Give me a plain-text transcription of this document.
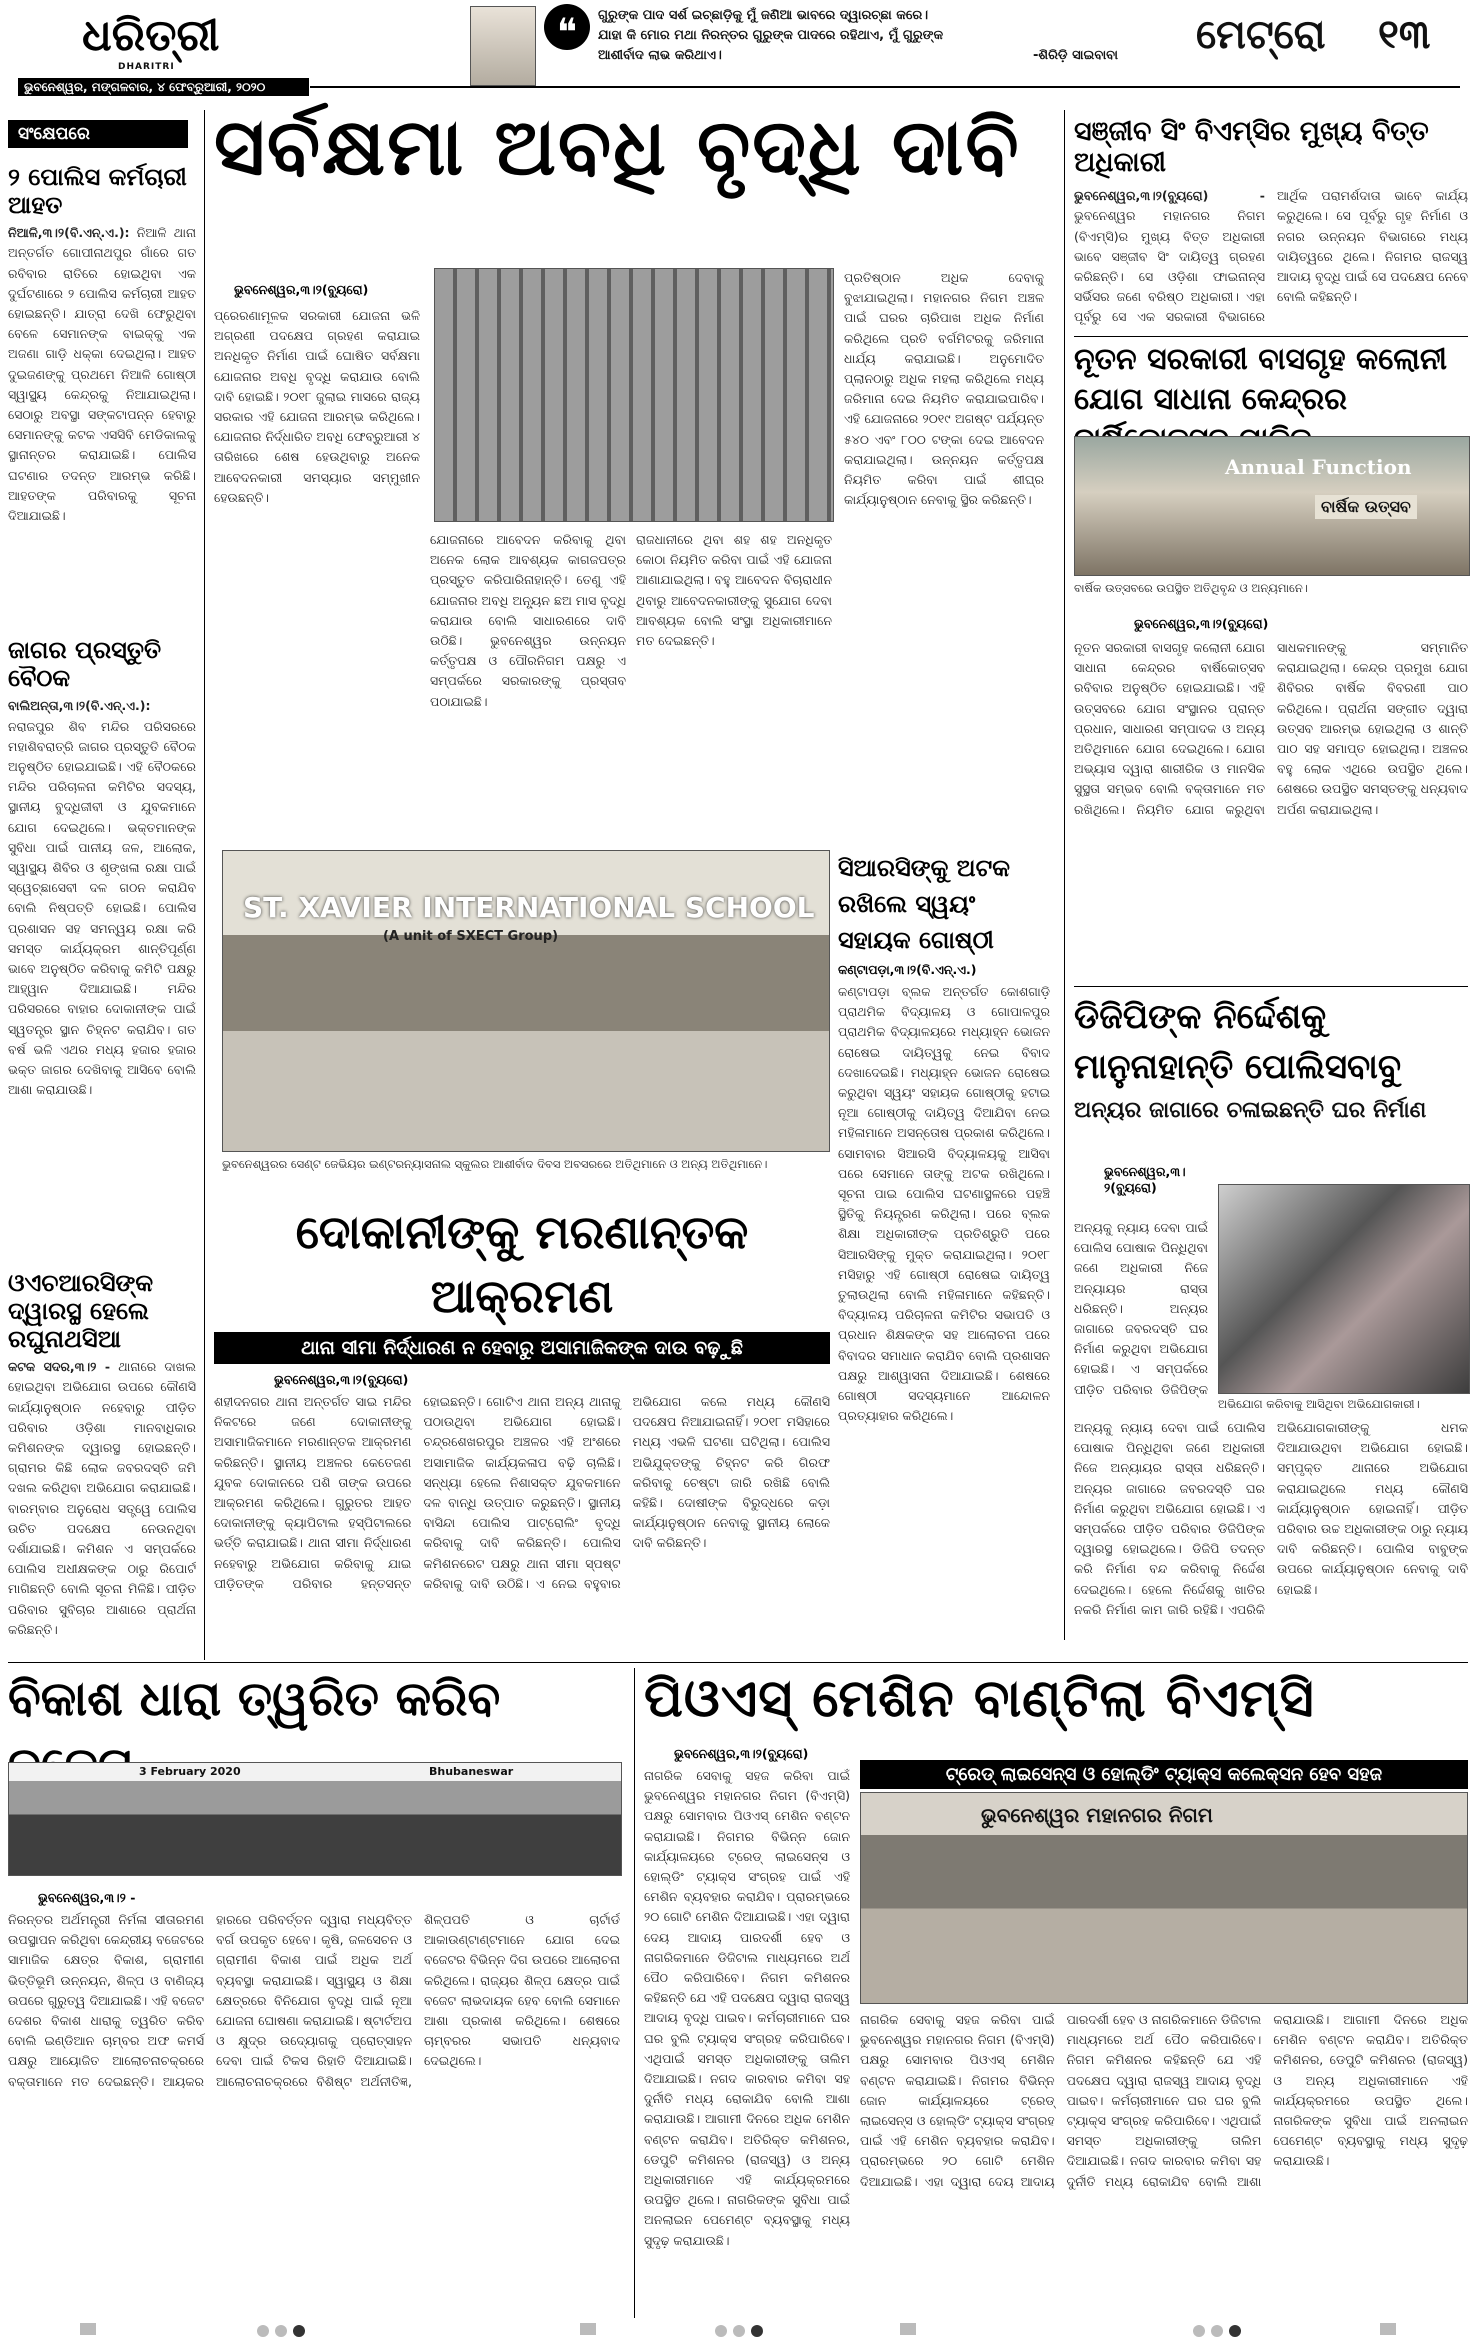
ଧରିତ୍ରୀ
DHARITRI
❝	ଗୁରୁଙ୍କ ପାଦ ସର୍ଶ ଇଚ୍ଛାଡ଼ିକୁ ମୁଁ ଜଣିଆ ଭାବରେ ଦ୍ୱାରଚ୍ଛା କରେ।
ଯାହା କି ମୋର ମଥା ନିରନ୍ତର ଗୁରୁଙ୍କ ପାଦରେ ରହିଥାଏ, ମୁଁ ଗୁରୁଙ୍କ
ଆଶୀର୍ବାଦ ଲାଭ କରିଥାଏ।	-ଶିରିଡ଼ି ସାଇବାବା ମେଟ୍ରୋ ୧୩
ଭୁବନେଶ୍ୱର, ମଙ୍ଗଳବାର, ୪ ଫେବ୍ରୁଆରୀ, ୨୦୨୦
ସଂକ୍ଷେପରେ

୨ ପୋଲିସ କର୍ମଚାରୀ ଆହତ

ନିଆଳି,୩।୨(ବି.ଏନ୍.ଏ.): ନିଆଳି ଥାନା ଅନ୍ତର୍ଗତ ଗୋପୀନାଥପୁର ଗାଁରେ ଗତ ରବିବାର ରାତିରେ ହୋଇଥିବା ଏକ ଦୁର୍ଘଟଣାରେ ୨ ପୋଲିସ କର୍ମଚାରୀ ଆହତ ହୋଇଛନ୍ତି। ଯାତ୍ରା ଦେଖି ଫେରୁଥିବା ବେଳେ ସେମାନଙ୍କ ବାଇକ୍‌କୁ ଏକ ଅଜଣା ଗାଡ଼ି ଧକ୍କା ଦେଇଥିଲା। ଆହତ ଦୁଇଜଣଙ୍କୁ ପ୍ରଥମେ ନିଆଳି ଗୋଷ୍ଠୀ ସ୍ୱାସ୍ଥ୍ୟ କେନ୍ଦ୍ରକୁ ନିଆଯାଇଥିଲା। ସେଠାରୁ ଅବସ୍ଥା ସଙ୍କଟାପନ୍ନ ହେବାରୁ ସେମାନଙ୍କୁ କଟକ ଏସସିବି ମେଡିକାଲକୁ ସ୍ଥାନାନ୍ତର କରାଯାଇଛି। ପୋଲିସ ଘଟଣାର ତଦନ୍ତ ଆରମ୍ଭ କରିଛି। ଆହତଙ୍କ ପରିବାରକୁ ସୂଚନା ଦିଆଯାଇଛି।

ଜାଗର ପ୍ରସ୍ତୁତି ବୈଠକ

ବାଲିଅନ୍ତା,୩।୨(ବି.ଏନ୍.ଏ.): ନରାଜପୁର ଶିବ ମନ୍ଦିର ପରିସରରେ ମହାଶିବରାତ୍ରି ଜାଗର ପ୍ରସ୍ତୁତି ବୈଠକ ଅନୁଷ୍ଠିତ ହୋଇଯାଇଛି। ଏହି ବୈଠକରେ ମନ୍ଦିର ପରିଚାଳନା କମିଟିର ସଦସ୍ୟ, ସ୍ଥାନୀୟ ବୁଦ୍ଧିଜୀବୀ ଓ ଯୁବକମାନେ ଯୋଗ ଦେଇଥିଲେ। ଭକ୍ତମାନଙ୍କ ସୁବିଧା ପାଇଁ ପାନୀୟ ଜଳ, ଆଲୋକ, ସ୍ୱାସ୍ଥ୍ୟ ଶିବିର ଓ ଶୃଙ୍ଖଳା ରକ୍ଷା ପାଇଁ ସ୍ୱେଚ୍ଛାସେବୀ ଦଳ ଗଠନ କରାଯିବ ବୋଲି ନିଷ୍ପତ୍ତି ହୋଇଛି। ପୋଲିସ ପ୍ରଶାସନ ସହ ସମନ୍ୱୟ ରକ୍ଷା କରି ସମସ୍ତ କାର୍ଯ୍ୟକ୍ରମ ଶାନ୍ତିପୂର୍ଣ୍ଣ ଭାବେ ଅନୁଷ୍ଠିତ କରିବାକୁ କମିଟି ପକ୍ଷରୁ ଆହ୍ୱାନ ଦିଆଯାଇଛି। ମନ୍ଦିର ପରିସରରେ ବାହାର ଦୋକାନୀଙ୍କ ପାଇଁ ସ୍ୱତନ୍ତ୍ର ସ୍ଥାନ ଚିହ୍ନଟ କରାଯିବ। ଗତ ବର୍ଷ ଭଳି ଏଥର ମଧ୍ୟ ହଜାର ହଜାର ଭକ୍ତ ଜାଗର ଦେଖିବାକୁ ଆସିବେ ବୋଲି ଆଶା କରାଯାଉଛି।

ଓଏଚଆରସିଙ୍କ ଦ୍ୱାରସ୍ଥ ହେଲେ ରଘୁନାଥସିଆ

କଟକ ସଦର,୩।୨ - ଥାନାରେ ଦାଖଲ ହୋଇଥିବା ଅଭିଯୋଗ ଉପରେ କୌଣସି କାର୍ଯ୍ୟାନୁଷ୍ଠାନ ନହେବାରୁ ପୀଡ଼ିତ ପରିବାର ଓଡ଼ିଶା ମାନବାଧିକାର କମିଶନଙ୍କ ଦ୍ୱାରସ୍ଥ ହୋଇଛନ୍ତି। ଗ୍ରାମର କିଛି ଲୋକ ଜବରଦସ୍ତି ଜମି ଦଖଲ କରିଥିବା ଅଭିଯୋଗ କରାଯାଇଛି। ବାରମ୍ବାର ଅନୁରୋଧ ସତ୍ତ୍ୱେ ପୋଲିସ ଉଚିତ ପଦକ୍ଷେପ ନେଉନଥିବା ଦର୍ଶାଯାଇଛି। କମିଶନ ଏ ସମ୍ପର୍କରେ ପୋଲିସ ଅଧୀକ୍ଷକଙ୍କ ଠାରୁ ରିପୋର୍ଟ ମାଗିଛନ୍ତି ବୋଲି ସୂଚନା ମିଳିଛି। ପୀଡ଼ିତ ପରିବାର ସୁବିଚାର ଆଶାରେ ପ୍ରାର୍ଥନା କରିଛନ୍ତି।
ସର୍ବକ୍ଷମା ଅବଧି ବୃଦ୍ଧି ଦାବି
ଭୁବନେଶ୍ୱର,୩।୨(ବ୍ୟୁରୋ)
ପ୍ରେରଣାମୂଳକ ସରକାରୀ ଯୋଜନା ଭଳି ଅଗ୍ରଣୀ ପଦକ୍ଷେପ ଗ୍ରହଣ କରାଯାଇ ଅନଧିକୃତ ନିର୍ମାଣ ପାଇଁ ଘୋଷିତ ସର୍ବକ୍ଷମା ଯୋଜନାର ଅବଧି ବୃଦ୍ଧି କରାଯାଉ ବୋଲି ଦାବି ହୋଇଛି। ୨୦୧୮ ଜୁଲାଇ ମାସରେ ରାଜ୍ୟ ସରକାର ଏହି ଯୋଜନା ଆରମ୍ଭ କରିଥିଲେ। ଯୋଜନାର ନିର୍ଦ୍ଧାରିତ ଅବଧି ଫେବ୍ରୁଆରୀ ୪ ତାରିଖରେ ଶେଷ ହେଉଥିବାରୁ ଅନେକ ଆବେଦନକାରୀ ସମସ୍ୟାର ସମ୍ମୁଖୀନ ହେଉଛନ୍ତି।
ଯୋଜନାରେ ଆବେଦନ କରିବାକୁ ଥିବା ଅନେକ ଲୋକ ଆବଶ୍ୟକ କାଗଜପତ୍ର ପ୍ରସ୍ତୁତ କରିପାରିନାହାନ୍ତି। ତେଣୁ ଏହି ଯୋଜନାର ଅବଧି ଅନ୍ୟୂନ ଛଅ ମାସ ବୃଦ୍ଧି କରାଯାଉ ବୋଲି ସାଧାରଣରେ ଦାବି ଉଠିଛି। ଭୁବନେଶ୍ୱର ଉନ୍ନୟନ କର୍ତ୍ତୃପକ୍ଷ ଓ ପୌରନିଗମ ପକ୍ଷରୁ ଏ ସମ୍ପର୍କରେ ସରକାରଙ୍କୁ ପ୍ରସ୍ତାବ ପଠାଯାଇଛି।
ରାଜଧାନୀରେ ଥିବା ଶହ ଶହ ଅନଧିକୃତ କୋଠା ନିୟମିତ କରିବା ପାଇଁ ଏହି ଯୋଜନା ଆଣାଯାଇଥିଲା। ବହୁ ଆବେଦନ ବିଚାରାଧୀନ ଥିବାରୁ ଆବେଦନକାରୀଙ୍କୁ ସୁଯୋଗ ଦେବା ଆବଶ୍ୟକ ବୋଲି ସଂସ୍ଥା ଅଧିକାରୀମାନେ ମତ ଦେଇଛନ୍ତି।
ପ୍ରତିଷ୍ଠାନ ଅଧିକ ଦେବାକୁ ବୁଝାଯାଇଥିଲା। ମହାନଗର ନିଗମ ଅଞ୍ଚଳ ପାଇଁ ଘରର ଚାରିପାଖ ଅଧିକ ନିର୍ମାଣ କରିଥିଲେ ପ୍ରତି ବର୍ଗମିଟରକୁ ଜରିମାନା ଧାର୍ଯ୍ୟ କରାଯାଇଛି। ଅନୁମୋଦିତ ପ୍ଲାନଠାରୁ ଅଧିକ ମହଲା କରିଥିଲେ ମଧ୍ୟ ଜରିମାନା ଦେଇ ନିୟମିତ କରାଯାଇପାରିବ। ଏହି ଯୋଜନାରେ ୨୦୧୯ ଅଗଷ୍ଟ ପର୍ଯ୍ୟନ୍ତ ୫୪୦ ଏବଂ ୮୦୦ ଟଙ୍କା ଦେଇ ଆବେଦନ କରାଯାଇଥିଲା। ଉନ୍ନୟନ କର୍ତ୍ତୃପକ୍ଷ ନିୟମିତ କରିବା ପାଇଁ ଶୀଘ୍ର କାର୍ଯ୍ୟାନୁଷ୍ଠାନ ନେବାକୁ ସ୍ଥିର କରିଛନ୍ତି।
ସଞ୍ଜୀବ ସିଂ ବିଏମ୍‌ସିର ମୁଖ୍ୟ ବିତ୍ତ ଅଧିକାରୀ
ଭୁବନେଶ୍ୱର,୩।୨(ବ୍ୟୁରୋ) - ଭୁବନେଶ୍ୱର ମହାନଗର ନିଗମ (ବିଏମ୍‌ସି)ର ମୁଖ୍ୟ ବିତ୍ତ ଅଧିକାରୀ ଭାବେ ସଞ୍ଜୀବ ସିଂ ଦାୟିତ୍ୱ ଗ୍ରହଣ କରିଛନ୍ତି। ସେ ଓଡ଼ିଶା ଫାଇନାନ୍ସ ସର୍ଭିସର ଜଣେ ବରିଷ୍ଠ ଅଧିକାରୀ। ଏହା ପୂର୍ବରୁ ସେ ଏକ ସରକାରୀ ବିଭାଗରେ ଆର୍ଥିକ ପରାମର୍ଶଦାତା ଭାବେ କାର୍ଯ୍ୟ କରୁଥିଲେ। ସେ ପୂର୍ବରୁ ଗୃହ ନିର୍ମାଣ ଓ ନଗର ଉନ୍ନୟନ ବିଭାଗରେ ମଧ୍ୟ ଦାୟିତ୍ୱରେ ଥିଲେ। ନିଗମର ରାଜସ୍ୱ ଆଦାୟ ବୃଦ୍ଧି ପାଇଁ ସେ ପଦକ୍ଷେପ ନେବେ ବୋଲି କହିଛନ୍ତି।
ନୂତନ ସରକାରୀ ବାସଗୃହ କଲୋନୀ ଯୋଗ ସାଧାନା କେନ୍ଦ୍ରର
Annual Function
ବାର୍ଷିକ ଉତ୍ସବ
ବାର୍ଷିକ ଉତ୍ସବରେ ଉପସ୍ଥିତ ଅତିଥିବୃନ୍ଦ ଓ ଅନ୍ୟମାନେ।
ଭୁବନେଶ୍ୱର,୩।୨(ବ୍ୟୁରୋ)
ନୂତନ ସରକାରୀ ବାସଗୃହ କଲୋନୀ ଯୋଗ ସାଧାନା କେନ୍ଦ୍ରର ବାର୍ଷିକୋତ୍ସବ ରବିବାର ଅନୁଷ୍ଠିତ ହୋଇଯାଇଛି। ଏହି ଉତ୍ସବରେ ଯୋଗ ସଂସ୍ଥାନର ପ୍ରାନ୍ତ ପ୍ରଧାନ, ସାଧାରଣ ସମ୍ପାଦକ ଓ ଅନ୍ୟ ଅତିଥିମାନେ ଯୋଗ ଦେଇଥିଲେ। ଯୋଗ ଅଭ୍ୟାସ ଦ୍ୱାରା ଶାରୀରିକ ଓ ମାନସିକ ସୁସ୍ଥତା ସମ୍ଭବ ବୋଲି ବକ୍ତାମାନେ ମତ ରଖିଥିଲେ। ନିୟମିତ ଯୋଗ କରୁଥିବା ସାଧକମାନଙ୍କୁ ସମ୍ମାନିତ କରାଯାଇଥିଲା। କେନ୍ଦ୍ର ପ୍ରମୁଖ ଯୋଗ ଶିବିରର ବାର୍ଷିକ ବିବରଣୀ ପାଠ କରିଥିଲେ। ପ୍ରାର୍ଥନା ସଙ୍ଗୀତ ଦ୍ୱାରା ଉତ୍ସବ ଆରମ୍ଭ ହୋଇଥିଲା ଓ ଶାନ୍ତି ପାଠ ସହ ସମାପ୍ତ ହୋଇଥିଲା। ଅଞ୍ଚଳର ବହୁ ଲୋକ ଏଥିରେ ଉପସ୍ଥିତ ଥିଲେ। ଶେଷରେ ଉପସ୍ଥିତ ସମସ୍ତଙ୍କୁ ଧନ୍ୟବାଦ ଅର୍ପଣ କରାଯାଇଥିଲା।
ଡିଜିପିଙ୍କ ନିର୍ଦ୍ଦେଶକୁ ମାନୁନାହାନ୍ତି ପୋଲିସବାବୁ
ଅନ୍ୟର ଜାଗାରେ ଚଳାଇଛନ୍ତି ଘର ନିର୍ମାଣ
ଭୁବନେଶ୍ୱର,୩।୨(ବ୍ୟୁରୋ)
ଅଭିଯୋଗ କରିବାକୁ ଆସିଥିବା ଅଭିଯୋଗକାରୀ।
ଅନ୍ୟକୁ ନ୍ୟାୟ ଦେବା ପାଇଁ ପୋଲିସ ପୋଷାକ ପିନ୍ଧିଥିବା ଜଣେ ଅଧିକାରୀ ନିଜେ ଅନ୍ୟାୟର ରାସ୍ତା ଧରିଛନ୍ତି। ଅନ୍ୟର ଜାଗାରେ ଜବରଦସ୍ତି ଘର ନିର୍ମାଣ କରୁଥିବା ଅଭିଯୋଗ ହୋଇଛି। ଏ ସମ୍ପର୍କରେ ପୀଡ଼ିତ ପରିବାର ଡିଜିପିଙ୍କ
ଅନ୍ୟକୁ ନ୍ୟାୟ ଦେବା ପାଇଁ ପୋଲିସ ପୋଷାକ ପିନ୍ଧିଥିବା ଜଣେ ଅଧିକାରୀ ନିଜେ ଅନ୍ୟାୟର ରାସ୍ତା ଧରିଛନ୍ତି। ଅନ୍ୟର ଜାଗାରେ ଜବରଦସ୍ତି ଘର ନିର୍ମାଣ କରୁଥିବା ଅଭିଯୋଗ ହୋଇଛି। ଏ ସମ୍ପର୍କରେ ପୀଡ଼ିତ ପରିବାର ଡିଜିପିଙ୍କ ଦ୍ୱାରସ୍ଥ ହୋଇଥିଲେ। ଡିଜିପି ତଦନ୍ତ କରି ନିର୍ମାଣ ବନ୍ଦ କରିବାକୁ ନିର୍ଦ୍ଦେଶ ଦେଇଥିଲେ। ହେଲେ ନିର୍ଦ୍ଦେଶକୁ ଖାତିର ନକରି ନିର୍ମାଣ କାମ ଜାରି ରହିଛି। ଏପରିକି ଅଭିଯୋଗକାରୀଙ୍କୁ ଧମକ ଦିଆଯାଉଥିବା ଅଭିଯୋଗ ହୋଇଛି। ସମ୍ପୃକ୍ତ ଥାନାରେ ଅଭିଯୋଗ କରାଯାଇଥିଲେ ମଧ୍ୟ କୌଣସି କାର୍ଯ୍ୟାନୁଷ୍ଠାନ ହୋଇନାହିଁ। ପୀଡ଼ିତ ପରିବାର ଉଚ୍ଚ ଅଧିକାରୀଙ୍କ ଠାରୁ ନ୍ୟାୟ ଦାବି କରିଛନ୍ତି। ପୋଲିସ ବାବୁଙ୍କ ଉପରେ କାର୍ଯ୍ୟାନୁଷ୍ଠାନ ନେବାକୁ ଦାବି ହୋଇଛି।
ST. XAVIER INTERNATIONAL SCHOOL
(A unit of SXECT Group)
ଭୁବନେଶ୍ୱରର ସେଣ୍ଟ ଜେଭିୟର ଇଣ୍ଟରନ୍ୟାସନାଲ ସ୍କୁଲର ଆଶୀର୍ବାଦ ଦିବସ ଅବସରରେ ଅତିଥିମାନେ ଓ ଅନ୍ୟ ଅତିଥିମାନେ।
ସିଆରସିଙ୍କୁ ଅଟକ ରଖିଲେ ସ୍ୱୟଂ ସହାୟକ ଗୋଷ୍ଠୀ
କଣ୍ଟାପଡ଼ା,୩।୨(ବି.ଏନ୍.ଏ.)
କଣ୍ଟାପଡ଼ା ବ୍ଲକ ଅନ୍ତର୍ଗତ କୋଶଗାଡ଼ି ପ୍ରାଥମିକ ବିଦ୍ୟାଳୟ ଓ ଗୋପାଳପୁର ପ୍ରାଥମିକ ବିଦ୍ୟାଳୟରେ ମଧ୍ୟାହ୍ନ ଭୋଜନ ରୋଷେଇ ଦାୟିତ୍ୱକୁ ନେଇ ବିବାଦ ଦେଖାଦେଇଛି। ମଧ୍ୟାହ୍ନ ଭୋଜନ ରୋଷେଇ କରୁଥିବା ସ୍ୱୟଂ ସହାୟକ ଗୋଷ୍ଠୀକୁ ହଟାଇ ନୂଆ ଗୋଷ୍ଠୀକୁ ଦାୟିତ୍ୱ ଦିଆଯିବା ନେଇ ମହିଳାମାନେ ଅସନ୍ତୋଷ ପ୍ରକାଶ କରିଥିଲେ। ସୋମବାର ସିଆରସି ବିଦ୍ୟାଳୟକୁ ଆସିବା ପରେ ସେମାନେ ତାଙ୍କୁ ଅଟକ ରଖିଥିଲେ। ସୂଚନା ପାଇ ପୋଲିସ ଘଟଣାସ୍ଥଳରେ ପହଞ୍ଚି ସ୍ଥିତିକୁ ନିୟନ୍ତ୍ରଣ କରିଥିଲା। ପରେ ବ୍ଲକ ଶିକ୍ଷା ଅଧିକାରୀଙ୍କ ପ୍ରତିଶ୍ରୁତି ପରେ ସିଆରସିଙ୍କୁ ମୁକ୍ତ କରାଯାଇଥିଲା। ୨୦୧୮ ମସିହାରୁ ଏହି ଗୋଷ୍ଠୀ ରୋଷେଇ ଦାୟିତ୍ୱ ତୁଲାଉଥିଲା ବୋଲି ମହିଳାମାନେ କହିଛନ୍ତି। ବିଦ୍ୟାଳୟ ପରିଚାଳନା କମିଟିର ସଭାପତି ଓ ପ୍ରଧାନ ଶିକ୍ଷକଙ୍କ ସହ ଆଲୋଚନା ପରେ ବିବାଦର ସମାଧାନ କରାଯିବ ବୋଲି ପ୍ରଶାସନ ପକ୍ଷରୁ ଆଶ୍ୱାସନା ଦିଆଯାଇଛି। ଶେଷରେ ଗୋଷ୍ଠୀ ସଦସ୍ୟମାନେ ଆନ୍ଦୋଳନ ପ୍ରତ୍ୟାହାର କରିଥିଲେ।
ଦୋକାନୀଙ୍କୁ ମରଣାନ୍ତକ ଆକ୍ରମଣ
ଥାନା ସୀମା ନିର୍ଦ୍ଧାରଣ ନ ହେବାରୁ ଅସାମାଜିକଙ୍କ ଦାଉ ବଢ଼ୁଛି
ଭୁବନେଶ୍ୱର,୩।୨(ବ୍ୟୁରୋ)
ଶହୀଦନଗର ଥାନା ଅନ୍ତର୍ଗତ ସାଇ ମନ୍ଦିର ନିକଟରେ ଜଣେ ଦୋକାନୀଙ୍କୁ ଅସାମାଜିକମାନେ ମରଣାନ୍ତକ ଆକ୍ରମଣ କରିଛନ୍ତି। ସ୍ଥାନୀୟ ଅଞ୍ଚଳର କେତେଜଣ ଯୁବକ ଦୋକାନରେ ପଶି ତାଙ୍କ ଉପରେ ଆକ୍ରମଣ କରିଥିଲେ। ଗୁରୁତର ଆହତ ଦୋକାନୀଙ୍କୁ କ୍ୟାପିଟାଲ ହସ୍ପିଟାଲରେ ଭର୍ତ୍ତି କରାଯାଇଛି। ଥାନା ସୀମା ନିର୍ଦ୍ଧାରଣ ନହେବାରୁ ଅଭିଯୋଗ କରିବାକୁ ଯାଇ ପୀଡ଼ିତଙ୍କ ପରିବାର ହନ୍ତସନ୍ତ ହୋଇଛନ୍ତି। ଗୋଟିଏ ଥାନା ଅନ୍ୟ ଥାନାକୁ ପଠାଉଥିବା ଅଭିଯୋଗ ହୋଇଛି। ଚନ୍ଦ୍ରଶେଖରପୁର ଅଞ୍ଚଳର ଏହି ଅଂଶରେ ଅସାମାଜିକ କାର୍ଯ୍ୟକଳାପ ବଢ଼ି ଚାଲିଛି। ସନ୍ଧ୍ୟା ହେଲେ ନିଶାସକ୍ତ ଯୁବକମାନେ ଦଳ ବାନ୍ଧି ଉତ୍ପାତ କରୁଛନ୍ତି। ସ୍ଥାନୀୟ ବାସିନ୍ଦା ପୋଲିସ ପାଟ୍ରୋଲିଂ ବୃଦ୍ଧି କରିବାକୁ ଦାବି କରିଛନ୍ତି। ପୋଲିସ କମିଶନରେଟ ପକ୍ଷରୁ ଥାନା ସୀମା ସ୍ପଷ୍ଟ କରିବାକୁ ଦାବି ଉଠିଛି। ଏ ନେଇ ବହୁବାର ଅଭିଯୋଗ କଲେ ମଧ୍ୟ କୌଣସି ପଦକ୍ଷେପ ନିଆଯାଇନାହିଁ। ୨୦୧୮ ମସିହାରେ ମଧ୍ୟ ଏଭଳି ଘଟଣା ଘଟିଥିଲା। ପୋଲିସ ଅଭିଯୁକ୍ତଙ୍କୁ ଚିହ୍ନଟ କରି ଗିରଫ କରିବାକୁ ଚେଷ୍ଟା ଜାରି ରଖିଛି ବୋଲି କହିଛି। ଦୋଷୀଙ୍କ ବିରୁଦ୍ଧରେ କଡ଼ା କାର୍ଯ୍ୟାନୁଷ୍ଠାନ ନେବାକୁ ସ୍ଥାନୀୟ ଲୋକେ ଦାବି କରିଛନ୍ତି।
ବିକାଶ ଧାରା ତ୍ୱରିତ କରିବ
3 February 2020	Bhubaneswar
ଭୁବନେଶ୍ୱର,୩।୨ -
ନିରନ୍ତର ଅର୍ଥମନ୍ତ୍ରୀ ନିର୍ମଳା ସୀତାରମଣ ଉପସ୍ଥାପନ କରିଥିବା କେନ୍ଦ୍ରୀୟ ବଜେଟରେ ସାମାଜିକ କ୍ଷେତ୍ର ବିକାଶ, ଗ୍ରାମୀଣ ଭିତ୍ତିଭୂମି ଉନ୍ନୟନ, ଶିଳ୍ପ ଓ ବାଣିଜ୍ୟ ଉପରେ ଗୁରୁତ୍ୱ ଦିଆଯାଇଛି। ଏହି ବଜେଟ ଦେଶର ବିକାଶ ଧାରାକୁ ତ୍ୱରିତ କରିବ ବୋଲି ଇଣ୍ଡିଆନ ଚାମ୍ବର ଅଫ କମର୍ସ ପକ୍ଷରୁ ଆୟୋଜିତ ଆଲୋଚନାଚକ୍ରରେ ବକ୍ତାମାନେ ମତ ଦେଇଛନ୍ତି। ଆୟକର ହାରରେ ପରିବର୍ତ୍ତନ ଦ୍ୱାରା ମଧ୍ୟବିତ୍ତ ବର୍ଗ ଉପକୃତ ହେବେ। କୃଷି, ଜଳସେଚନ ଓ ଗ୍ରାମୀଣ ବିକାଶ ପାଇଁ ଅଧିକ ଅର୍ଥ ବ୍ୟବସ୍ଥା କରାଯାଇଛି। ସ୍ୱାସ୍ଥ୍ୟ ଓ ଶିକ୍ଷା କ୍ଷେତ୍ରରେ ବିନିଯୋଗ ବୃଦ୍ଧି ପାଇଁ ନୂଆ ଯୋଜନା ଘୋଷଣା କରାଯାଇଛି। ଷ୍ଟାର୍ଟଅପ ଓ କ୍ଷୁଦ୍ର ଉଦ୍ୟୋଗକୁ ପ୍ରୋତ୍ସାହନ ଦେବା ପାଇଁ ଟିକସ ରିହାତି ଦିଆଯାଇଛି। ଆଲୋଚନାଚକ୍ରରେ ବିଶିଷ୍ଟ ଅର୍ଥନୀତିଜ୍ଞ, ଶିଳ୍ପପତି ଓ ଚାର୍ଟାର୍ଡ ଆକାଉଣ୍ଟାଣ୍ଟମାନେ ଯୋଗ ଦେଇ ବଜେଟର ବିଭିନ୍ନ ଦିଗ ଉପରେ ଆଲୋଚନା କରିଥିଲେ। ରାଜ୍ୟର ଶିଳ୍ପ କ୍ଷେତ୍ର ପାଇଁ ବଜେଟ ଲାଭଦାୟକ ହେବ ବୋଲି ସେମାନେ ଆଶା ପ୍ରକାଶ କରିଥିଲେ। ଶେଷରେ ଚାମ୍ବରର ସଭାପତି ଧନ୍ୟବାଦ ଦେଇଥିଲେ।
ପିଓଏସ୍ ମେଶିନ ବାଣ୍ଟିଲା ବିଏମ୍‌ସି
ଭୁବନେଶ୍ୱର,୩।୨(ବ୍ୟୁରୋ)
ଟ୍ରେଡ୍ ଲାଇସେନ୍ସ ଓ ହୋଲ୍ଡିଂ ଟ୍ୟାକ୍ସ କଲେକ୍ସନ ହେବ ସହଜ
ଭୁବନେଶ୍ୱର ମହାନଗର ନିଗମ
ନାଗରିକ ସେବାକୁ ସହଜ କରିବା ପାଇଁ ଭୁବନେଶ୍ୱର ମହାନଗର ନିଗମ (ବିଏମ୍‌ସି) ପକ୍ଷରୁ ସୋମବାର ପିଓଏସ୍ ମେଶିନ ବଣ୍ଟନ କରାଯାଇଛି। ନିଗମର ବିଭିନ୍ନ ଜୋନ କାର୍ଯ୍ୟାଳୟରେ ଟ୍ରେଡ୍ ଲାଇସେନ୍ସ ଓ ହୋଲ୍ଡିଂ ଟ୍ୟାକ୍ସ ସଂଗ୍ରହ ପାଇଁ ଏହି ମେଶିନ ବ୍ୟବହାର କରାଯିବ। ପ୍ରାରମ୍ଭରେ ୨୦ ଗୋଟି ମେଶିନ ଦିଆଯାଇଛି। ଏହା ଦ୍ୱାରା ଦେୟ ଆଦାୟ ପାରଦର୍ଶୀ ହେବ ଓ ନାଗରିକମାନେ ଡିଜିଟାଲ ମାଧ୍ୟମରେ ଅର୍ଥ ପୈଠ କରିପାରିବେ। ନିଗମ କମିଶନର କହିଛନ୍ତି ଯେ ଏହି ପଦକ୍ଷେପ ଦ୍ୱାରା ରାଜସ୍ୱ ଆଦାୟ ବୃଦ୍ଧି ପାଇବ। କର୍ମଚାରୀମାନେ ଘର ଘର ବୁଲି ଟ୍ୟାକ୍ସ ସଂଗ୍ରହ କରିପାରିବେ। ଏଥିପାଇଁ ସମସ୍ତ ଅଧିକାରୀଙ୍କୁ ତାଲିମ ଦିଆଯାଇଛି। ନଗଦ କାରବାର କମିବା ସହ ଦୁର୍ନୀତି ମଧ୍ୟ ରୋକାଯିବ ବୋଲି ଆଶା କରାଯାଉଛି। ଆଗାମୀ ଦିନରେ ଅଧିକ ମେଶିନ ବଣ୍ଟନ କରାଯିବ। ଅତିରିକ୍ତ କମିଶନର, ଡେପୁଟି କମିଶନର (ରାଜସ୍ୱ) ଓ ଅନ୍ୟ ଅଧିକାରୀମାନେ ଏହି କାର୍ଯ୍ୟକ୍ରମରେ ଉପସ୍ଥିତ ଥିଲେ। ନାଗରିକଙ୍କ ସୁବିଧା ପାଇଁ ଅନଲାଇନ ପେମେଣ୍ଟ ବ୍ୟବସ୍ଥାକୁ ମଧ୍ୟ ସୁଦୃଢ଼ କରାଯାଉଛି।
ନାଗରିକ ସେବାକୁ ସହଜ କରିବା ପାଇଁ ଭୁବନେଶ୍ୱର ମହାନଗର ନିଗମ (ବିଏମ୍‌ସି) ପକ୍ଷରୁ ସୋମବାର ପିଓଏସ୍ ମେଶିନ ବଣ୍ଟନ କରାଯାଇଛି। ନିଗମର ବିଭିନ୍ନ ଜୋନ କାର୍ଯ୍ୟାଳୟରେ ଟ୍ରେଡ୍ ଲାଇସେନ୍ସ ଓ ହୋଲ୍ଡିଂ ଟ୍ୟାକ୍ସ ସଂଗ୍ରହ ପାଇଁ ଏହି ମେଶିନ ବ୍ୟବହାର କରାଯିବ। ପ୍ରାରମ୍ଭରେ ୨୦ ଗୋଟି ମେଶିନ ଦିଆଯାଇଛି। ଏହା ଦ୍ୱାରା ଦେୟ ଆଦାୟ ପାରଦର୍ଶୀ ହେବ ଓ ନାଗରିକମାନେ ଡିଜିଟାଲ ମାଧ୍ୟମରେ ଅର୍ଥ ପୈଠ କରିପାରିବେ। ନିଗମ କମିଶନର କହିଛନ୍ତି ଯେ ଏହି ପଦକ୍ଷେପ ଦ୍ୱାରା ରାଜସ୍ୱ ଆଦାୟ ବୃଦ୍ଧି ପାଇବ। କର୍ମଚାରୀମାନେ ଘର ଘର ବୁଲି ଟ୍ୟାକ୍ସ ସଂଗ୍ରହ କରିପାରିବେ। ଏଥିପାଇଁ ସମସ୍ତ ଅଧିକାରୀଙ୍କୁ ତାଲିମ ଦିଆଯାଇଛି। ନଗଦ କାରବାର କମିବା ସହ ଦୁର୍ନୀତି ମଧ୍ୟ ରୋକାଯିବ ବୋଲି ଆଶା କରାଯାଉଛି। ଆଗାମୀ ଦିନରେ ଅଧିକ ମେଶିନ ବଣ୍ଟନ କରାଯିବ। ଅତିରିକ୍ତ କମିଶନର, ଡେପୁଟି କମିଶନର (ରାଜସ୍ୱ) ଓ ଅନ୍ୟ ଅଧିକାରୀମାନେ ଏହି କାର୍ଯ୍ୟକ୍ରମରେ ଉପସ୍ଥିତ ଥିଲେ। ନାଗରିକଙ୍କ ସୁବିଧା ପାଇଁ ଅନଲାଇନ ପେମେଣ୍ଟ ବ୍ୟବସ୍ଥାକୁ ମଧ୍ୟ ସୁଦୃଢ଼ କରାଯାଉଛି।
